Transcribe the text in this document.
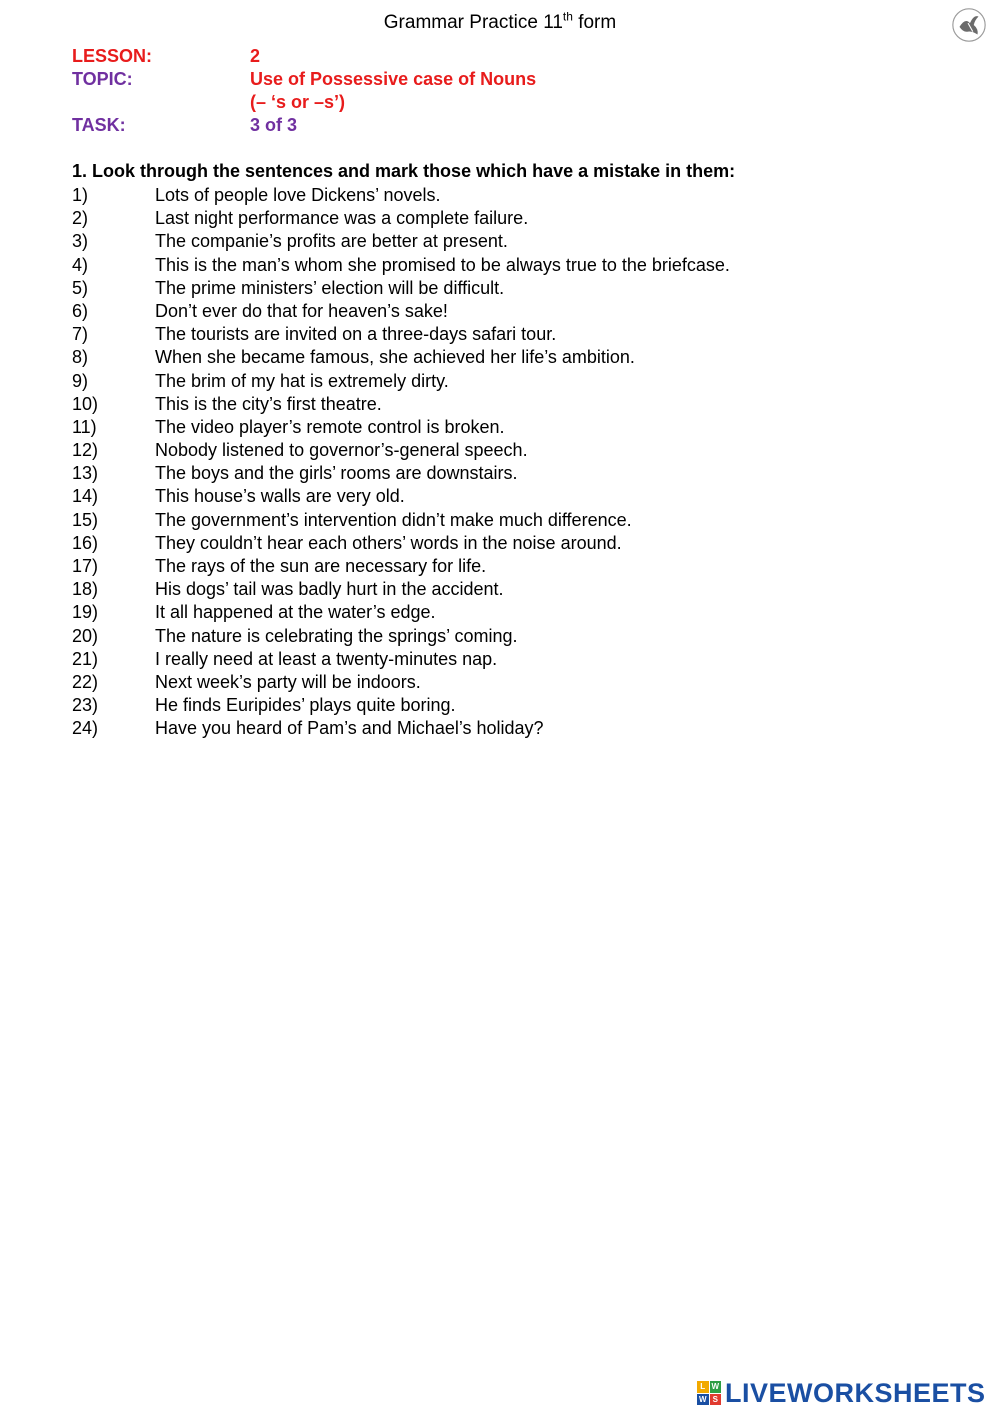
Grammar Practice 11th form
LESSON:	2
TOPIC:	Use of Possessive case of Nouns
(– ‘s or –s’)
TASK:	3 of 3
1. Look through the sentences and mark those which have a mistake in them:
1)	Lots of people love Dickens’ novels.
2)	Last night performance was a complete failure.
3)	The companie’s profits are better at present.
4)	This is the man’s whom she promised to be always true to the briefcase.
5)	The prime ministers’ election will be difficult.
6)	Don’t ever do that for heaven’s sake!
7)	The tourists are invited on a three-days safari tour.
8)	When she became famous, she achieved her life’s ambition.
9)	The brim of my hat is extremely dirty.
10)	This is the city’s first theatre.
11)	The video player’s remote control is broken.
12)	Nobody listened to governor’s-general speech.
13)	The boys and the girls’ rooms are downstairs.
14)	This house’s walls are very old.
15)	The government’s intervention didn’t make much difference.
16)	They couldn’t hear each others’ words in the noise around.
17)	The rays of the sun are necessary for life.
18)	His dogs’ tail was badly hurt in the accident.
19)	It all happened at the water’s edge.
20)	The nature is celebrating the springs’ coming.
21)	I really need at least a twenty-minutes nap.
22)	Next week’s party will be indoors.
23)	He finds Euripides’ plays quite boring.
24)	Have you heard of Pam’s and Michael’s holiday?
L W
W S LIVEWORKSHEETS
